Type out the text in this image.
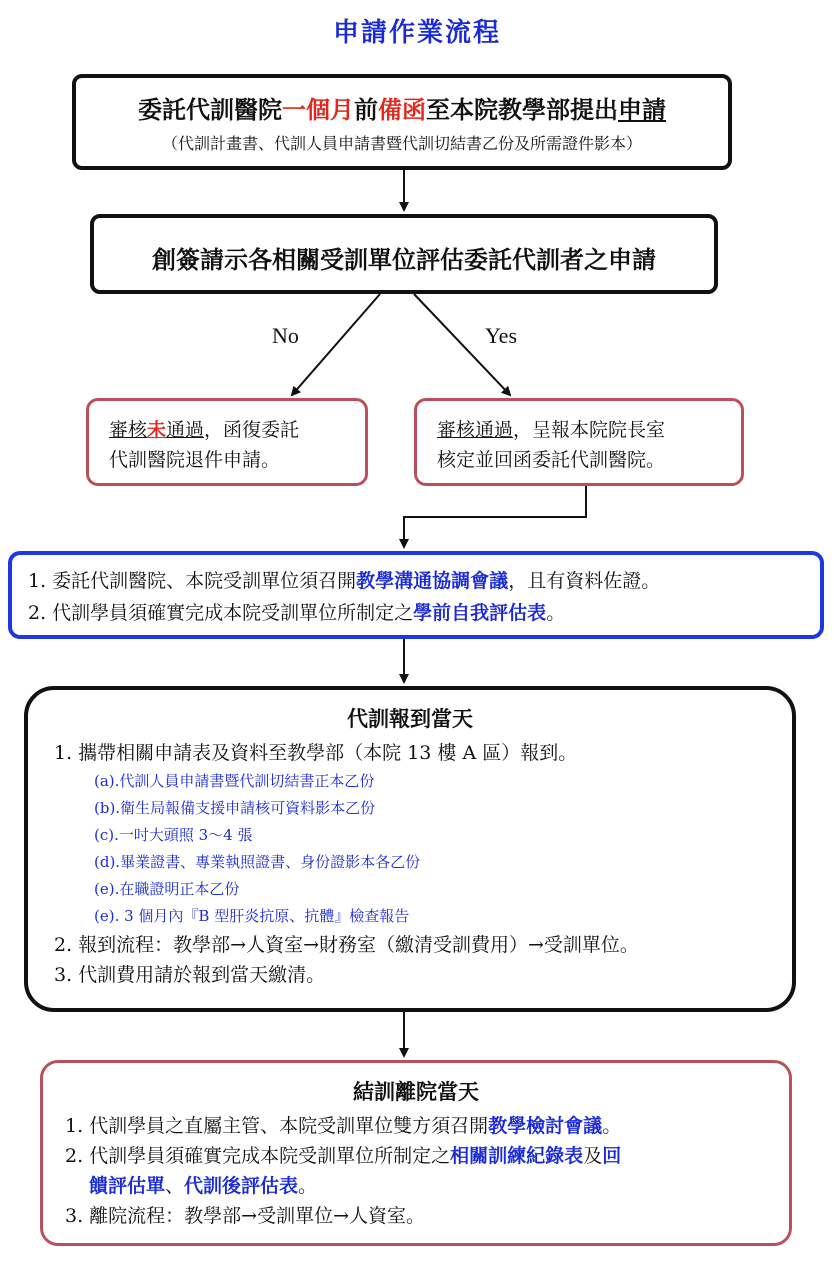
申請作業流程
委託代訓醫院一個月前備函至本院教學部提出申請
（代訓計畫書、代訓人員申請書暨代訓切結書乙份及所需證件影本）
創簽請示各相關受訓單位評估委託代訓者之申請
No	Yes
審核未通過，函復委託
代訓醫院退件申請。
審核通過，呈報本院院長室
核定並回函委託代訓醫院。
1. 委託代訓醫院、本院受訓單位須召開教學溝通協調會議，且有資料佐證。
2. 代訓學員須確實完成本院受訓單位所制定之學前自我評估表。
代訓報到當天
1. 攜帶相關申請表及資料至教學部（本院 13 樓 A 區）報到。
(a).代訓人員申請書暨代訓切結書正本乙份
(b).衛生局報備支援申請核可資料影本乙份
(c).一吋大頭照 3～4 張
(d).畢業證書、專業執照證書、身份證影本各乙份
(e).在職證明正本乙份
(e). 3 個月內『B 型肝炎抗原、抗體』檢查報告
2. 報到流程：教學部→人資室→財務室（繳清受訓費用）→受訓單位。
3. 代訓費用請於報到當天繳清。
結訓離院當天
1. 代訓學員之直屬主管、本院受訓單位雙方須召開教學檢討會議。
2. 代訓學員須確實完成本院受訓單位所制定之相關訓練紀錄表及回
饋評估單、代訓後評估表。
3. 離院流程：教學部→受訓單位→人資室。
